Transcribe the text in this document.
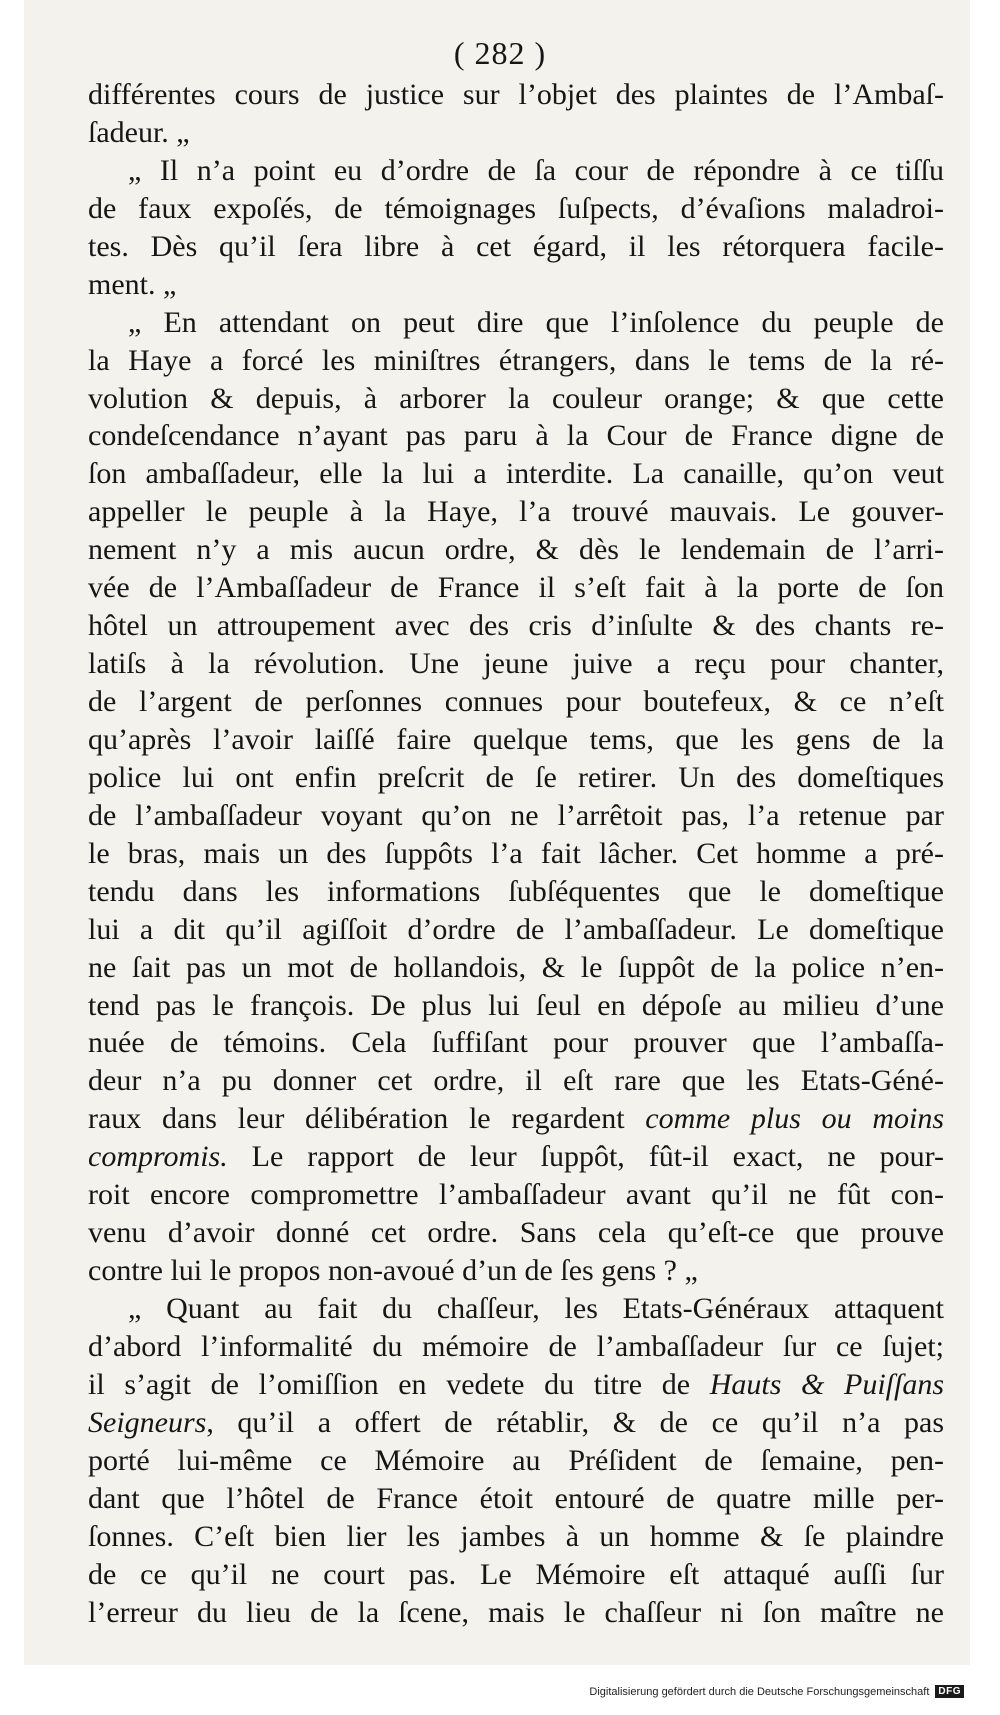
( 282 )
différentes cours de justice sur l’objet des plaintes de l’Ambaſ-
ſadeur. „
„ Il n’a point eu d’ordre de ſa cour de répondre à ce tiſſu
de faux expoſés, de témoignages ſuſpects, d’évaſions maladroi-
tes. Dès qu’il ſera libre à cet égard, il les rétorquera facile-
ment. „
„ En attendant on peut dire que l’inſolence du peuple de
la Haye a forcé les miniſtres étrangers, dans le tems de la ré-
volution & depuis, à arborer la couleur orange; & que cette
condeſcendance n’ayant pas paru à la Cour de France digne de
ſon ambaſſadeur, elle la lui a interdite. La canaille, qu’on veut
appeller le peuple à la Haye, l’a trouvé mauvais. Le gouver-
nement n’y a mis aucun ordre, & dès le lendemain de l’arri-
vée de l’Ambaſſadeur de France il s’eſt fait à la porte de ſon
hôtel un attroupement avec des cris d’inſulte & des chants re-
latiſs à la révolution. Une jeune juive a reçu pour chanter,
de l’argent de perſonnes connues pour boutefeux, & ce n’eſt
qu’après l’avoir laiſſé faire quelque tems, que les gens de la
police lui ont enfin preſcrit de ſe retirer. Un des domeſtiques
de l’ambaſſadeur voyant qu’on ne l’arrêtoit pas, l’a retenue par
le bras, mais un des ſuppôts l’a fait lâcher. Cet homme a pré-
tendu dans les informations ſubſéquentes que le domeſtique
lui a dit qu’il agiſſoit d’ordre de l’ambaſſadeur. Le domeſtique
ne ſait pas un mot de hollandois, & le ſuppôt de la police n’en-
tend pas le françois. De plus lui ſeul en dépoſe au milieu d’une
nuée de témoins. Cela ſuffiſant pour prouver que l’ambaſſa-
deur n’a pu donner cet ordre, il eſt rare que les Etats-Géné-
raux dans leur délibération le regardent comme plus ou moins
compromis. Le rapport de leur ſuppôt, fût-il exact, ne pour-
roit encore compromettre l’ambaſſadeur avant qu’il ne fût con-
venu d’avoir donné cet ordre. Sans cela qu’eſt-ce que prouve
contre lui le propos non-avoué d’un de ſes gens ? „
„ Quant au fait du chaſſeur, les Etats-Généraux attaquent
d’abord l’informalité du mémoire de l’ambaſſadeur ſur ce ſujet;
il s’agit de l’omiſſion en vedete du titre de Hauts & Puiſſans
Seigneurs, qu’il a offert de rétablir, & de ce qu’il n’a pas
porté lui-même ce Mémoire au Préſident de ſemaine, pen-
dant que l’hôtel de France étoit entouré de quatre mille per-
ſonnes. C’eſt bien lier les jambes à un homme & ſe plaindre
de ce qu’il ne court pas. Le Mémoire eſt attaqué auſſi ſur
l’erreur du lieu de la ſcene, mais le chaſſeur ni ſon maître ne
Digitalisierung gefördert durch die Deutsche Forschungsgemeinschaft DFG
